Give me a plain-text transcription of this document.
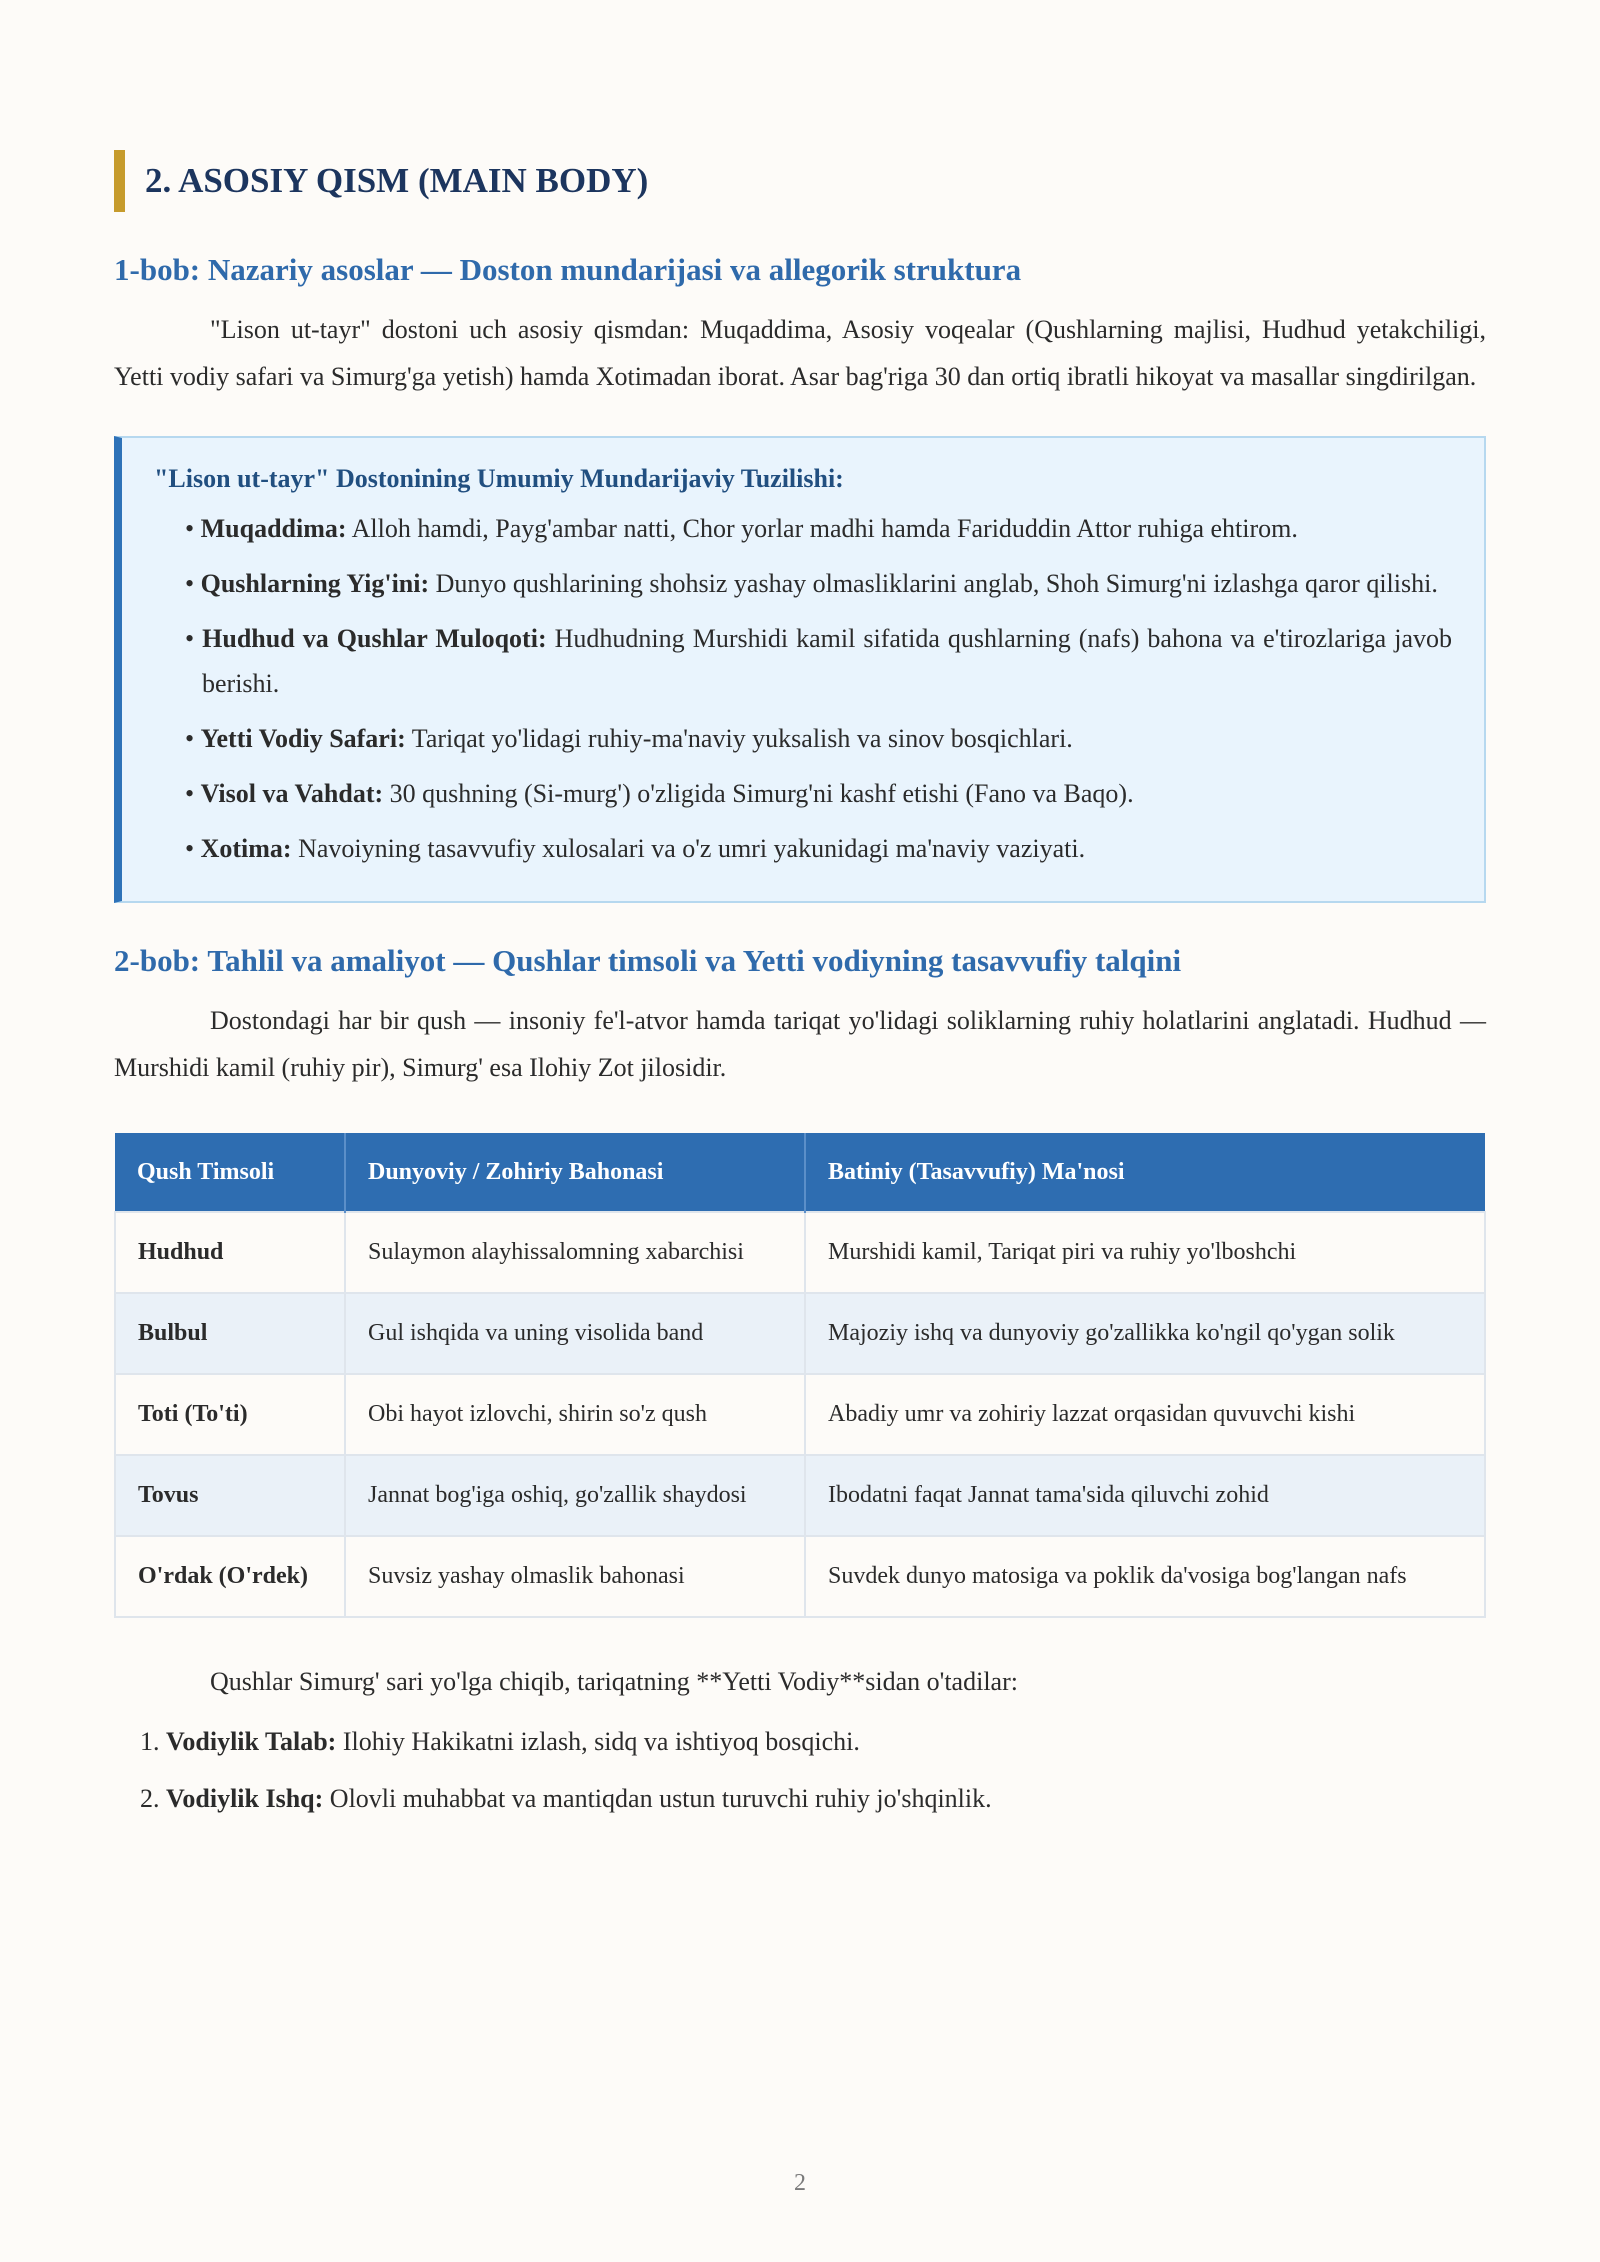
2. ASOSIY QISM (MAIN BODY)
1-bob: Nazariy asoslar — Doston mundarijasi va allegorik struktura

"Lison ut-tayr" dostoni uch asosiy qismdan: Muqaddima, Asosiy voqealar (Qushlarning majlisi, Hudhud yetakchiligi, Yetti vodiy safari va Simurg'ga yetish) hamda Xotimadan iborat. Asar bag'riga 30 dan ortiq ibratli hikoyat va masallar singdirilgan.

"Lison ut-tayr" Dostonining Umumiy Mundarijaviy Tuzilishi:
• Muqaddima: Alloh hamdi, Payg'ambar natti, Chor yorlar madhi hamda Fariduddin Attor ruhiga ehtirom.
• Qushlarning Yig'ini: Dunyo qushlarining shohsiz yashay olmasliklarini anglab, Shoh Simurg'ni izlashga qaror qilishi.
• Hudhud va Qushlar Muloqoti: Hudhudning Murshidi kamil sifatida qushlarning (nafs) bahona va e'tirozlariga javob berishi.
• Yetti Vodiy Safari: Tariqat yo'lidagi ruhiy-ma'naviy yuksalish va sinov bosqichlari.
• Visol va Vahdat: 30 qushning (Si-murg') o'zligida Simurg'ni kashf etishi (Fano va Baqo).
• Xotima: Navoiyning tasavvufiy xulosalari va o'z umri yakunidagi ma'naviy vaziyati.
2-bob: Tahlil va amaliyot — Qushlar timsoli va Yetti vodiyning tasavvufiy talqini

Dostondagi har bir qush — insoniy fe'l-atvor hamda tariqat yo'lidagi soliklarning ruhiy holatlarini anglatadi. Hudhud — Murshidi kamil (ruhiy pir), Simurg' esa Ilohiy Zot jilosidir.

Qush Timsoli	Dunyoviy / Zohiriy Bahonasi	Batiniy (Tasavvufiy) Ma'nosi
Hudhud	Sulaymon alayhissalomning xabarchisi	Murshidi kamil, Tariqat piri va ruhiy yo'lboshchi
Bulbul	Gul ishqida va uning visolida band	Majoziy ishq va dunyoviy go'zallikka ko'ngil qo'ygan solik
Toti (To'ti)	Obi hayot izlovchi, shirin so'z qush	Abadiy umr va zohiriy lazzat orqasidan quvuvchi kishi
Tovus	Jannat bog'iga oshiq, go'zallik shaydosi	Ibodatni faqat Jannat tama'sida qiluvchi zohid
O'rdak (O'rdek)	Suvsiz yashay olmaslik bahonasi	Suvdek dunyo matosiga va poklik da'vosiga bog'langan nafs

Qushlar Simurg' sari yo'lga chiqib, tariqatning **Yetti Vodiy**sidan o'tadilar:

1. Vodiylik Talab: Ilohiy Hakikatni izlash, sidq va ishtiyoq bosqichi.
2. Vodiylik Ishq: Olovli muhabbat va mantiqdan ustun turuvchi ruhiy jo'shqinlik.
2
